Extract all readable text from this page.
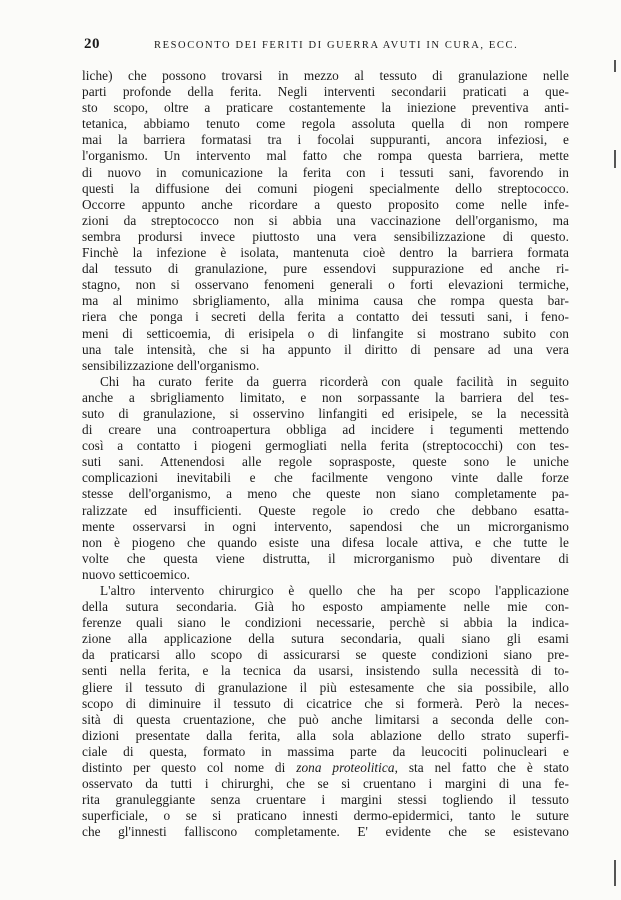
20	RESOCONTO DEI FERITI DI GUERRA AVUTI IN CURA, ECC.
liche) che possono trovarsi in mezzo al tessuto di granulazione nelle
parti profonde della ferita. Negli interventi secondarii praticati a que-
sto scopo, oltre a praticare costantemente la iniezione preventiva anti-
tetanica, abbiamo tenuto come regola assoluta quella di non rompere
mai la barriera formatasi tra i focolai suppuranti, ancora infeziosi, e
l'organismo. Un intervento mal fatto che rompa questa barriera, mette
di nuovo in comunicazione la ferita con i tessuti sani, favorendo in
questi la diffusione dei comuni piogeni specialmente dello streptococco.
Occorre appunto anche ricordare a questo proposito come nelle infe-
zioni da streptococco non si abbia una vaccinazione dell'organismo, ma
sembra prodursi invece piuttosto una vera sensibilizzazione di questo.
Finchè la infezione è isolata, mantenuta cioè dentro la barriera formata
dal tessuto di granulazione, pure essendovi suppurazione ed anche ri-
stagno, non si osservano fenomeni generali o forti elevazioni termiche,
ma al minimo sbrigliamento, alla minima causa che rompa questa bar-
riera che ponga i secreti della ferita a contatto dei tessuti sani, i feno-
meni di setticoemia, di erisipela o di linfangite si mostrano subito con
una tale intensità, che si ha appunto il diritto di pensare ad una vera
sensibilizzazione dell'organismo.
Chi ha curato ferite da guerra ricorderà con quale facilità in seguito
anche a sbrigliamento limitato, e non sorpassante la barriera del tes-
suto di granulazione, si osservino linfangiti ed erisipele, se la necessità
di creare una controapertura obbliga ad incidere i tegumenti mettendo
così a contatto i piogeni germogliati nella ferita (streptococchi) con tes-
suti sani. Attenendosi alle regole soprasposte, queste sono le uniche
complicazioni inevitabili e che facilmente vengono vinte dalle forze
stesse dell'organismo, a meno che queste non siano completamente pa-
ralizzate ed insufficienti. Queste regole io credo che debbano esatta-
mente osservarsi in ogni intervento, sapendosi che un microrganismo
non è piogeno che quando esiste una difesa locale attiva, e che tutte le
volte che questa viene distrutta, il microrganismo può diventare di
nuovo setticoemico.
L'altro intervento chirurgico è quello che ha per scopo l'applicazione
della sutura secondaria. Già ho esposto ampiamente nelle mie con-
ferenze quali siano le condizioni necessarie, perchè si abbia la indica-
zione alla applicazione della sutura secondaria, quali siano gli esami
da praticarsi allo scopo di assicurarsi se queste condizioni siano pre-
senti nella ferita, e la tecnica da usarsi, insistendo sulla necessità di to-
gliere il tessuto di granulazione il più estesamente che sia possibile, allo
scopo di diminuire il tessuto di cicatrice che si formerà. Però la neces-
sità di questa cruentazione, che può anche limitarsi a seconda delle con-
dizioni presentate dalla ferita, alla sola ablazione dello strato superfi-
ciale di questa, formato in massima parte da leucociti polinucleari e
distinto per questo col nome di zona proteolitica, sta nel fatto che è stato
osservato da tutti i chirurghi, che se si cruentano i margini di una fe-
rita granuleggiante senza cruentare i margini stessi togliendo il tessuto
superficiale, o se si praticano innesti dermo-epidermici, tanto le suture
che gl'innesti falliscono completamente. E' evidente che se esistevano
